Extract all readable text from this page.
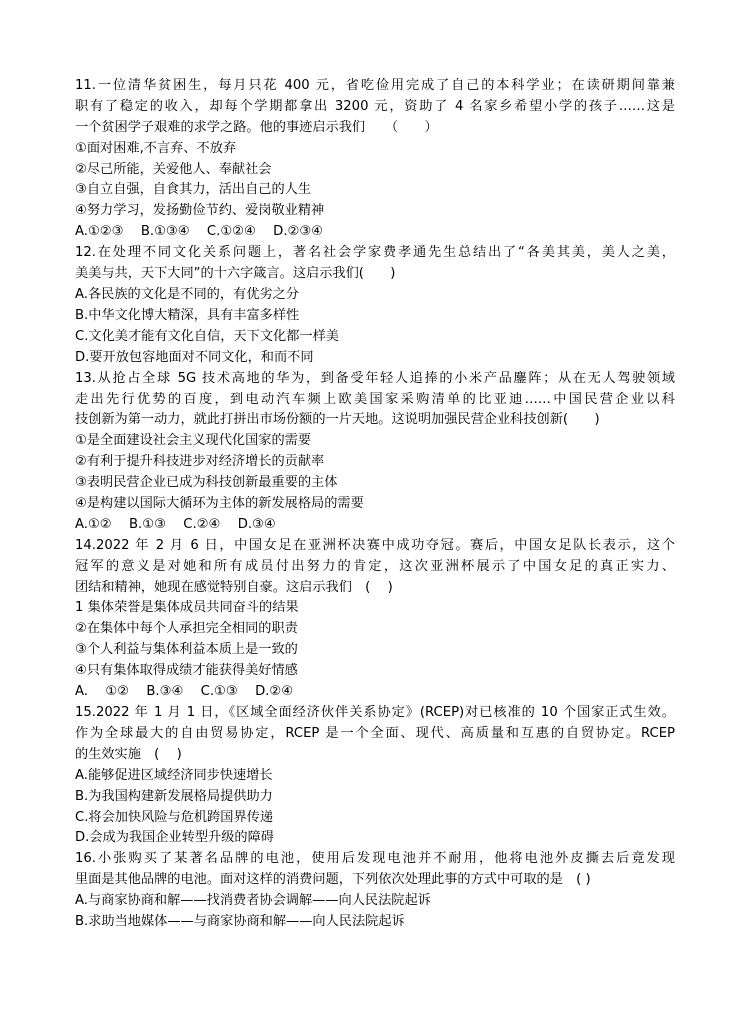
11.一位清华贫困生，每月只花 400 元，省吃俭用完成了自己的本科学业；在读研期间靠兼
职有了稳定的收入，却每个学期都拿出 3200 元，资助了 4 名家乡希望小学的孩子……这是
一个贫困学子艰难的求学之路。他的事迹启示我们　　（　　）
①面对困难,不言弃、不放弃
②尽己所能，关爱他人、奉献社会
③自立自强，自食其力，活出自己的人生
④努力学习，发扬勤俭节约、爱岗敬业精神
A.①②③　 B.①③④　 C.①②④　 D.②③④
12.在处理不同文化关系问题上，著名社会学家费孝通先生总结出了“各美其美，美人之美，
美美与共，天下大同”的十六字箴言。这启示我们(　　)
A.各民族的文化是不同的，有优劣之分
B.中华文化博大精深，具有丰富多样性
C.文化美才能有文化自信，天下文化都一样美
D.要开放包容地面对不同文化，和而不同
13.从抢占全球 5G 技术高地的华为，到备受年轻人追捧的小米产品鏖阵；从在无人驾驶领域
走出先行优势的百度，到电动汽车频上欧美国家采购清单的比亚迪……中国民营企业以科
技创新为第一动力，就此打拼出市场份额的一片天地。这说明加强民营企业科技创新(　　)
①是全面建设社会主义现代化国家的需要
②有利于提升科技进步对经济增长的贡献率
③表明民营企业已成为科技创新最重要的主体
④是构建以国际大循环为主体的新发展格局的需要
A.①②　 B.①③　 C.②④　 D.③④
14.2022 年 2 月 6 日，中国女足在亚洲杯决赛中成功夺冠。赛后，中国女足队长表示，这个
冠军的意义是对她和所有成员付出努力的肯定，这次亚洲杯展示了中国女足的真正实力、
团结和精神，她现在感觉特别自豪。这启示我们　(　 )
1 集体荣誉是集体成员共同奋斗的结果
②在集体中每个人承担完全相同的职责
③个人利益与集体利益本质上是一致的
④只有集体取得成绩才能获得美好情感
A.　 ①②　 B.③④　 C.①③　 D.②④
15.2022 年 1 月 1 日，《区域全面经济伙伴关系协定》(RCEP)对已核准的 10 个国家正式生效。
作为全球最大的自由贸易协定，RCEP 是一个全面、现代、高质量和互惠的自贸协定。RCEP
的生效实施　(　 )
A.能够促进区域经济同步快速增长
B.为我国构建新发展格局提供助力
C.将会加快风险与危机跨国界传递
D.会成为我国企业转型升级的障碍
16.小张购买了某著名品牌的电池，使用后发现电池并不耐用，他将电池外皮撕去后竟发现
里面是其他品牌的电池。面对这样的消费问题，下列依次处理此事的方式中可取的是　( )
A.与商家协商和解——找消费者协会调解——向人民法院起诉
B.求助当地媒体——与商家协商和解——向人民法院起诉
